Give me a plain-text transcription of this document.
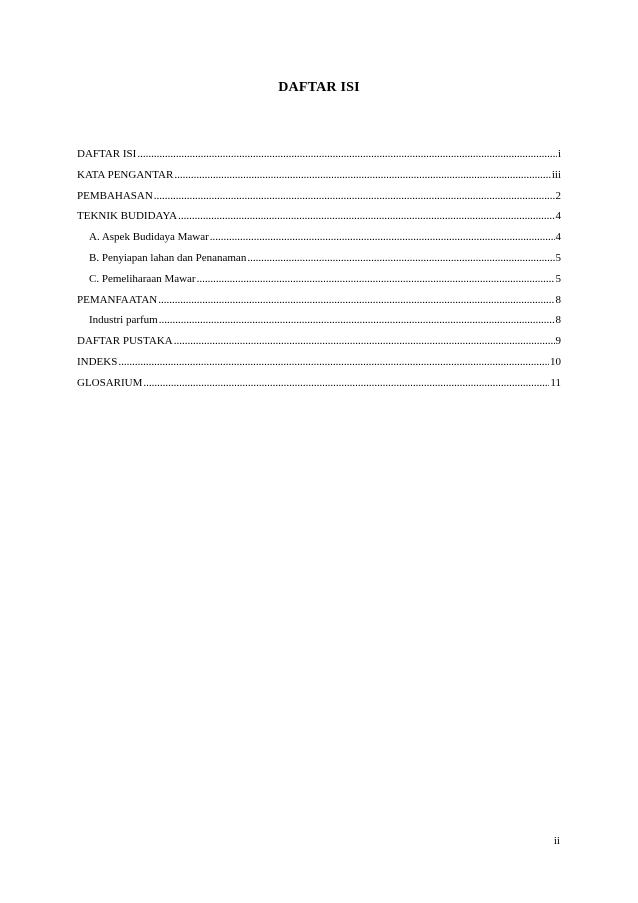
DAFTAR ISI
DAFTAR ISI .....	i
KATA PENGANTAR .....	iii
PEMBAHASAN .....	2
TEKNIK BUDIDAYA .....	4
A. Aspek Budidaya Mawar .....	4
B. Penyiapan lahan dan Penanaman .....	5
C. Pemeliharaan Mawar .....	5
PEMANFAATAN .....	8
Industri parfum .....	8
DAFTAR PUSTAKA .....	9
INDEKS .....	10
GLOSARIUM .....	11
ii
